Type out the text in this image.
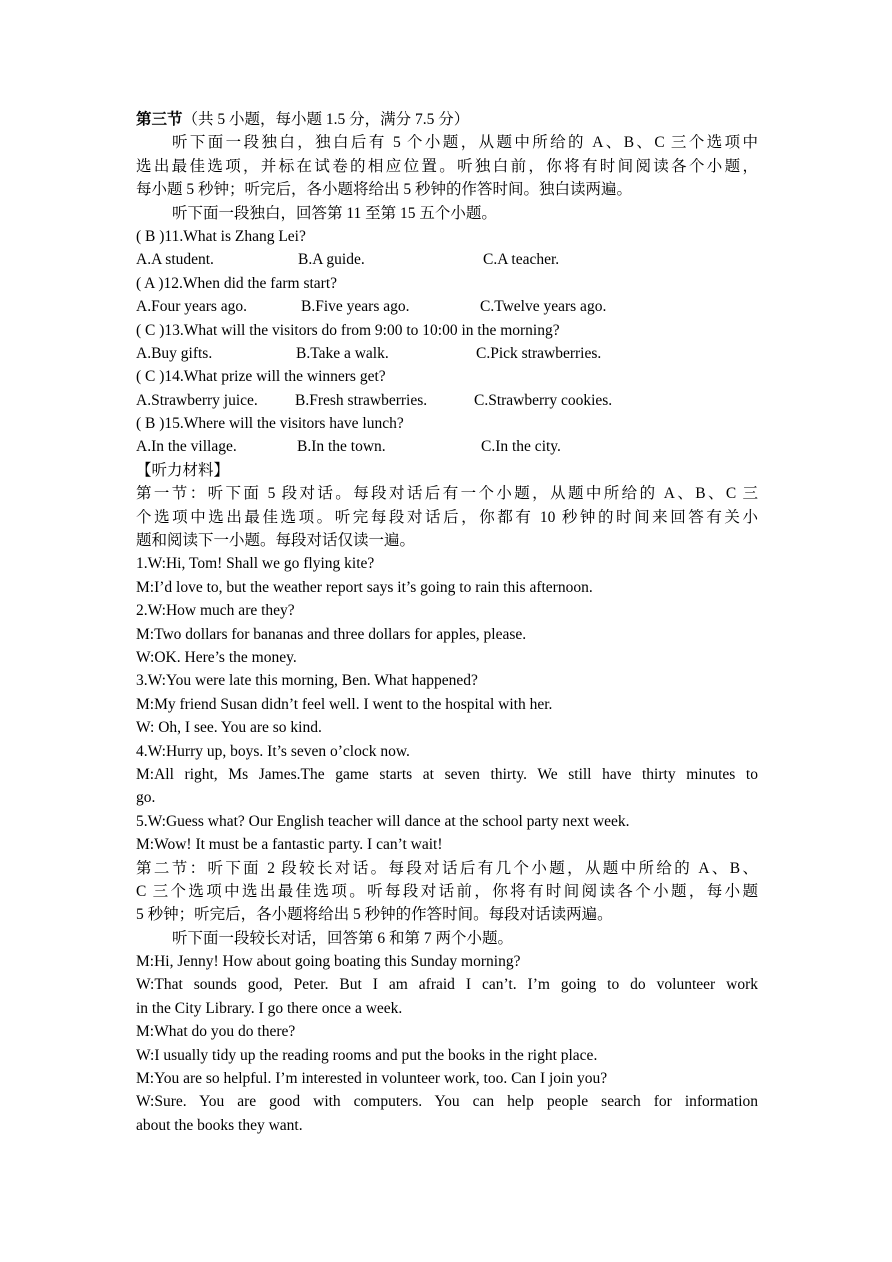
第三节（共 5 小题，每小题 1.5 分，满分 7.5 分）
听下面一段独白，独白后有 5 个小题，从题中所给的 A、B、C 三个选项中
选出最佳选项，并标在试卷的相应位置。听独白前，你将有时间阅读各个小题，
每小题 5 秒钟；听完后，各小题将给出 5 秒钟的作答时间。独白读两遍。
听下面一段独白，回答第 11 至第 15 五个小题。
( B )11.What is Zhang Lei?

A.A student.

	B.A guide.

	C.A teacher.

( A )12.When did the farm start?

A.Four years ago.

	B.Five years ago.

	C.Twelve years ago.

( C )13.What will the visitors do from 9:00 to 10:00 in the morning?

A.Buy gifts.

	B.Take a walk.

	C.Pick strawberries.

( C )14.What prize will the winners get?

A.Strawberry juice.

B.Fresh strawberries.

	C.Strawberry cookies.

( B )15.Where will the visitors have lunch?

A.In the village.

	B.In the town.

	C.In the city.

【听力材料】
第一节：听下面 5 段对话。每段对话后有一个小题，从题中所给的 A、B、C 三
个选项中选出最佳选项。听完每段对话后，你都有 10 秒钟的时间来回答有关小
题和阅读下一小题。每段对话仅读一遍。
1.W:Hi, Tom! Shall we go flying kite?
M:I’d love to, but the weather report says it’s going to rain this afternoon.
2.W:How much are they?
M:Two dollars for bananas and three dollars for apples, please.
W:OK. Here’s the money.
3.W:You were late this morning, Ben. What happened?
M:My friend Susan didn’t feel well. I went to the hospital with her.
W: Oh, I see. You are so kind.
4.W:Hurry up, boys. It’s seven o’clock now.
M:All right, Ms James.The game starts at seven thirty. We still have thirty minutes to
go.
5.W:Guess what? Our English teacher will dance at the school party next week.
M:Wow! It must be a fantastic party. I can’t wait!
第二节：听下面 2 段较长对话。每段对话后有几个小题，从题中所给的 A、B、
C 三个选项中选出最佳选项。听每段对话前，你将有时间阅读各个小题，每小题
5 秒钟；听完后，各小题将给出 5 秒钟的作答时间。每段对话读两遍。
听下面一段较长对话，回答第 6 和第 7 两个小题。
M:Hi, Jenny! How about going boating this Sunday morning?
W:That sounds good, Peter. But I am afraid I can’t. I’m going to do volunteer work
in the City Library. I go there once a week.
M:What do you do there?
W:I usually tidy up the reading rooms and put the books in the right place.
M:You are so helpful. I’m interested in volunteer work, too. Can I join you?
W:Sure. You are good with computers. You can help people search for information
about the books they want.
